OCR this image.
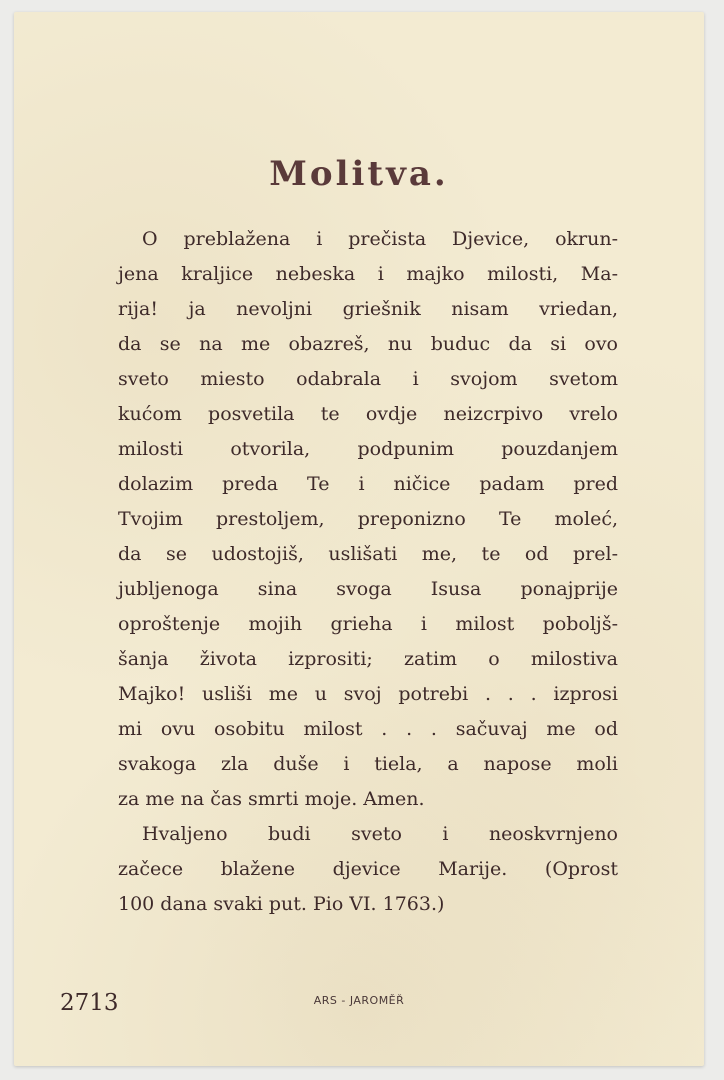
Molitva.
O preblažena i prečista Djevice, okrun-
jena kraljice nebeska i majko milosti, Ma-
rija! ja nevoljni griešnik nisam vriedan,
da se na me obazreš, nu buduc da si ovo
sveto miesto odabrala i svojom svetom
kućom posvetila te ovdje neizcrpivo vrelo
milosti otvorila, podpunim pouzdanjem
dolazim preda Te i ničice padam pred
Tvojim prestoljem, preponizno Te moleć,
da se udostojiš, uslišati me, te od prel-
jubljenoga sina svoga Isusa ponajprije
oproštenje mojih grieha i milost poboljš-
šanja života izprositi; zatim o milostiva
Majko! usliši me u svoj potrebi . . . izprosi
mi ovu osobitu milost . . . sačuvaj me od
svakoga zla duše i tiela, a napose moli
za me na čas smrti moje. Amen.
Hvaljeno budi sveto i neoskvrnjeno
začece blažene djevice Marije. (Oprost
100 dana svaki put. Pio VI. 1763.)
ARS - JAROMĚŘ
2713
